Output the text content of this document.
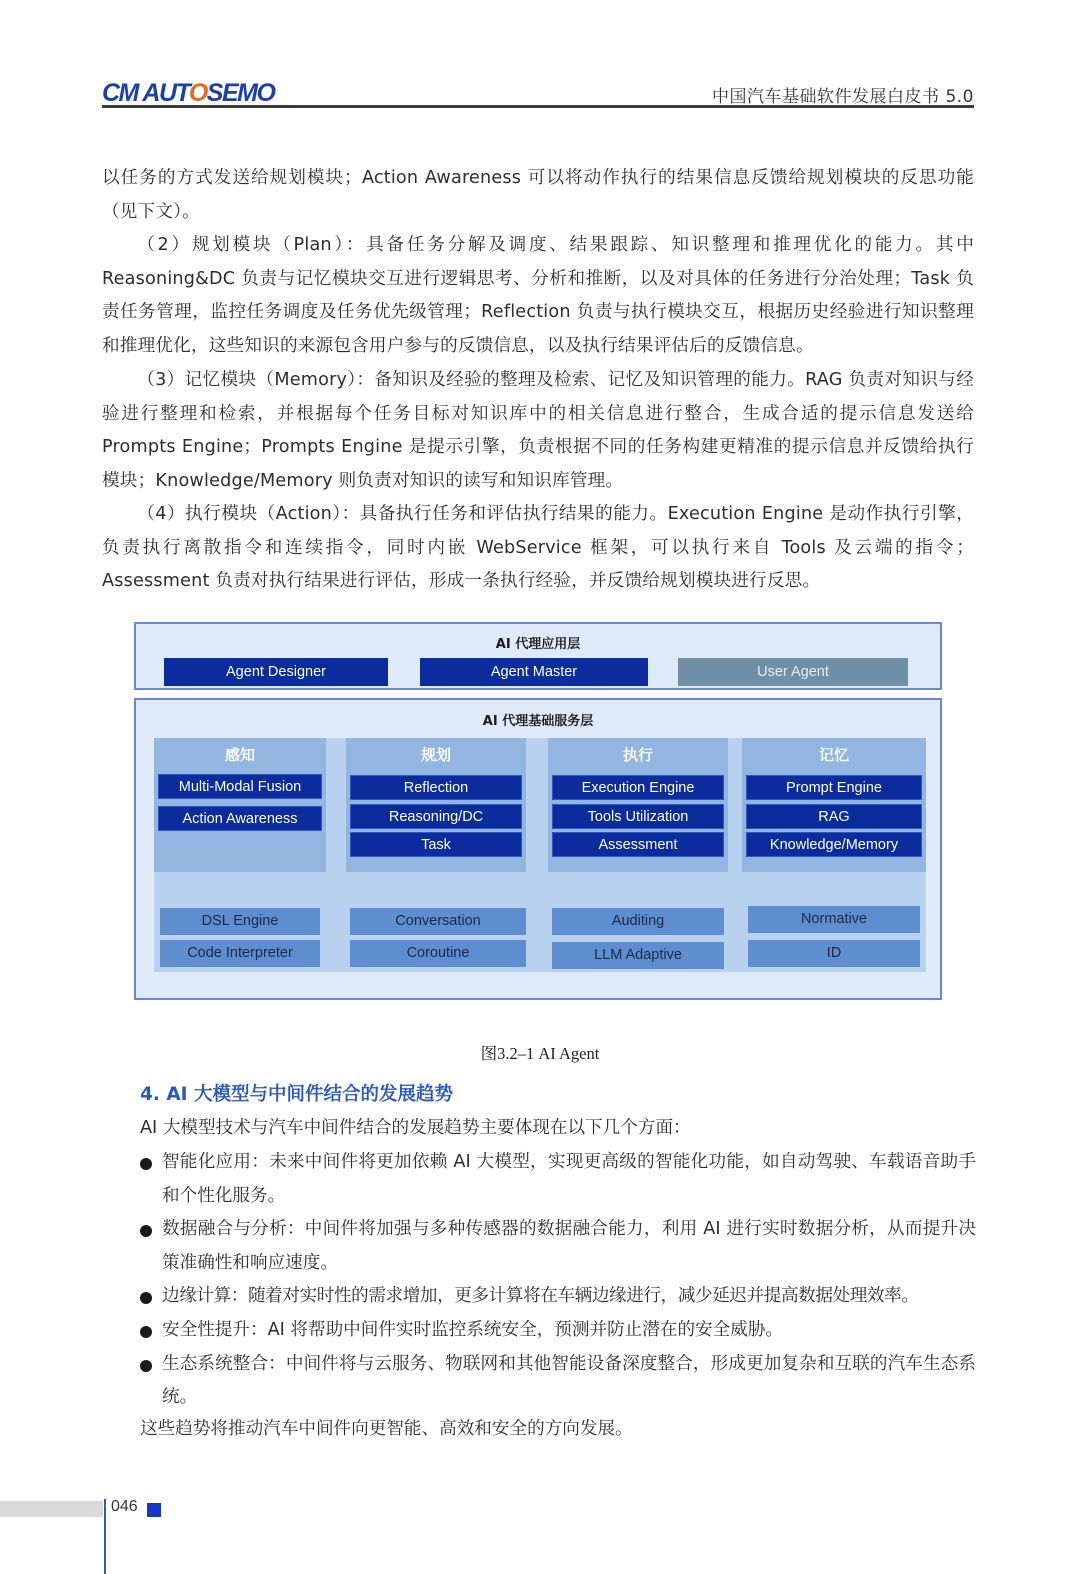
CM AUTOSEMO	中国汽车基础软件发展白皮书 5.0

以任务的方式发送给规划模块；Action Awareness 可以将动作执行的结果信息反馈给规划模块的反思功能（见下文）。

（2）规划模块（Plan）：具备任务分解及调度、结果跟踪、知识整理和推理优化的能力。其中 Reasoning&DC 负责与记忆模块交互进行逻辑思考、分析和推断，以及对具体的任务进行分治处理；Task 负责任务管理，监控任务调度及任务优先级管理；Reflection 负责与执行模块交互，根据历史经验进行知识整理和推理优化，这些知识的来源包含用户参与的反馈信息，以及执行结果评估后的反馈信息。

（3）记忆模块（Memory）：备知识及经验的整理及检索、记忆及知识管理的能力。RAG 负责对知识与经验进行整理和检索，并根据每个任务目标对知识库中的相关信息进行整合，生成合适的提示信息发送给 Prompts Engine；Prompts Engine 是提示引擎，负责根据不同的任务构建更精准的提示信息并反馈给执行模块；Knowledge/Memory 则负责对知识的读写和知识库管理。

（4）执行模块（Action）：具备执行任务和评估执行结果的能力。Execution Engine 是动作执行引擎，负责执行离散指令和连续指令，同时内嵌 WebService 框架，可以执行来自 Tools 及云端的指令；Assessment 负责对执行结果进行评估，形成一条执行经验，并反馈给规划模块进行反思。

AI 代理应用层
Agent Designer	Agent Master	User Agent
AI 代理基础服务层
感知
Multi-Modal Fusion
Action Awareness
规划
Reflection
Reasoning/DC
Task
执行
Execution Engine
Tools Utilization
Assessment
记忆
Prompt Engine
RAG
Knowledge/Memory
DSL Engine
Code Interpreter
Conversation
Coroutine
Auditing
LLM Adaptive
Normative
ID
图3.2–1 AI Agent
4. AI 大模型与中间件结合的发展趋势
AI 大模型技术与汽车中间件结合的发展趋势主要体现在以下几个方面：
智能化应用：未来中间件将更加依赖 AI 大模型，实现更高级的智能化功能，如自动驾驶、车载语音助手和个性化服务。
数据融合与分析：中间件将加强与多种传感器的数据融合能力，利用 AI 进行实时数据分析，从而提升决策准确性和响应速度。
边缘计算：随着对实时性的需求增加，更多计算将在车辆边缘进行，减少延迟并提高数据处理效率。
安全性提升：AI 将帮助中间件实时监控系统安全，预测并防止潜在的安全威胁。
生态系统整合：中间件将与云服务、物联网和其他智能设备深度整合，形成更加复杂和互联的汽车生态系统。
这些趋势将推动汽车中间件向更智能、高效和安全的方向发展。
046
